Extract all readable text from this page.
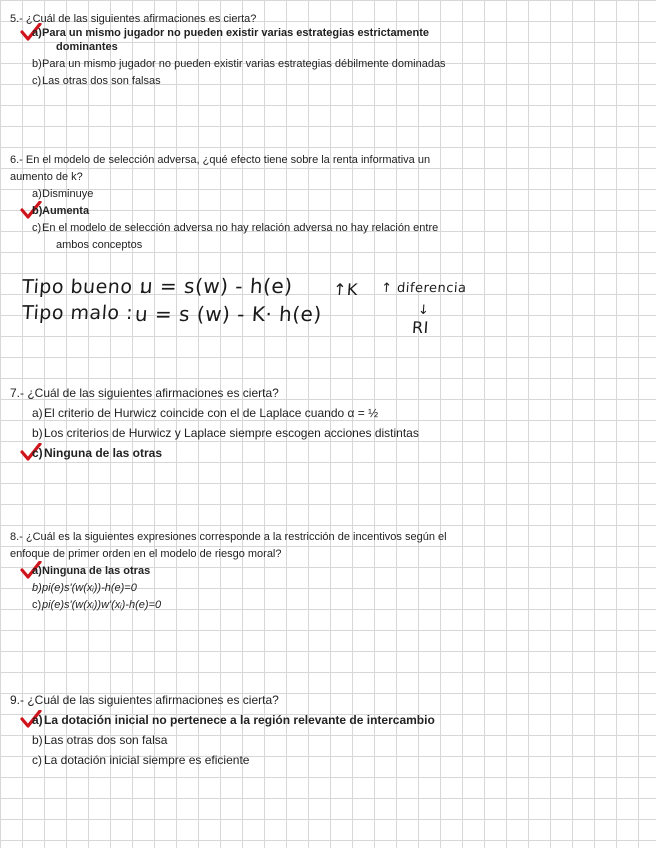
5.- ¿Cuál de las siguientes afirmaciones es cierta?
a) Para un mismo jugador no pueden existir varias estrategias estrictamente
dominantes
b) Para un mismo jugador no pueden existir varias estrategias débilmente dominadas
c) Las otras dos son falsas
6.- En el modelo de selección adversa, ¿qué efecto tiene sobre la renta informativa un
aumento de k?
a) Disminuye
b) Aumenta
c) En el modelo de selección adversa no hay relación adversa no hay relación entre
ambos conceptos
Tipo bueno :
u = s(w) - h(e)
Tipo malo : u = s (w) - K· h(e)
↑K ↑ diferencia
↓
RI
7.- ¿Cuál de las siguientes afirmaciones es cierta?
a) El criterio de Hurwicz coincide con el de Laplace cuando α = ½
b) Los criterios de Hurwicz y Laplace siempre escogen acciones distintas
c) Ninguna de las otras
8.- ¿Cuál es la siguientes expresiones corresponde a la restricción de incentivos según el
enfoque de primer orden en el modelo de riesgo moral?
a) Ninguna de las otras
b) pi(e)s'(w(xᵢ))-h(e)=0
c) pi(e)s'(w(xᵢ))w'(xᵢ)-h(e)=0
9.- ¿Cuál de las siguientes afirmaciones es cierta?
a) La dotación inicial no pertenece a la región relevante de intercambio
b) Las otras dos son falsa
c) La dotación inicial siempre es eficiente
